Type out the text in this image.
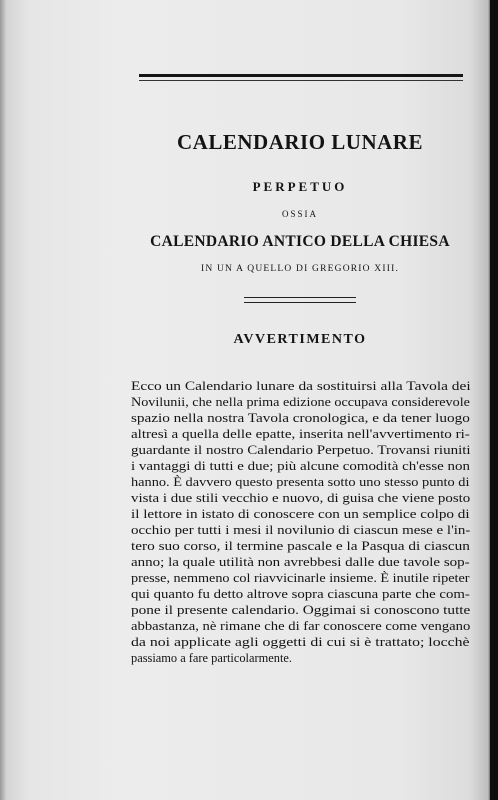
CALENDARIO LUNARE
PERPETUO
OSSIA
CALENDARIO ANTICO DELLA CHIESA
IN UN A QUELLO DI GREGORIO XIII.
AVVERTIMENTO

Ecco un Calendario lunare da sostituirsi alla Tavola dei

Novilunii, che nella prima edizione occupava considerevole

spazio nella nostra Tavola cronologica, e da tener luogo

altresì a quella delle epatte, inserita nell'avvertimento ri-

guardante il nostro Calendario Perpetuo. Trovansi riuniti

i vantaggi di tutti e due; più alcune comodità ch'esse non

hanno. È davvero questo presenta sotto uno stesso punto di

vista i due stili vecchio e nuovo, di guisa che viene posto

il lettore in istato di conoscere con un semplice colpo di

occhio per tutti i mesi il novilunio di ciascun mese e l'in-

tero suo corso, il termine pascale e la Pasqua di ciascun

anno; la quale utilità non avrebbesi dalle due tavole sop-

presse, nemmeno col riavvicinarle insieme. È inutile ripeter

qui quanto fu detto altrove sopra ciascuna parte che com-

pone il presente calendario. Oggimai si conoscono tutte

abbastanza, nè rimane che di far conoscere come vengano

da noi applicate agli oggetti di cui si è trattato; locchè

passiamo a fare particolarmente.
